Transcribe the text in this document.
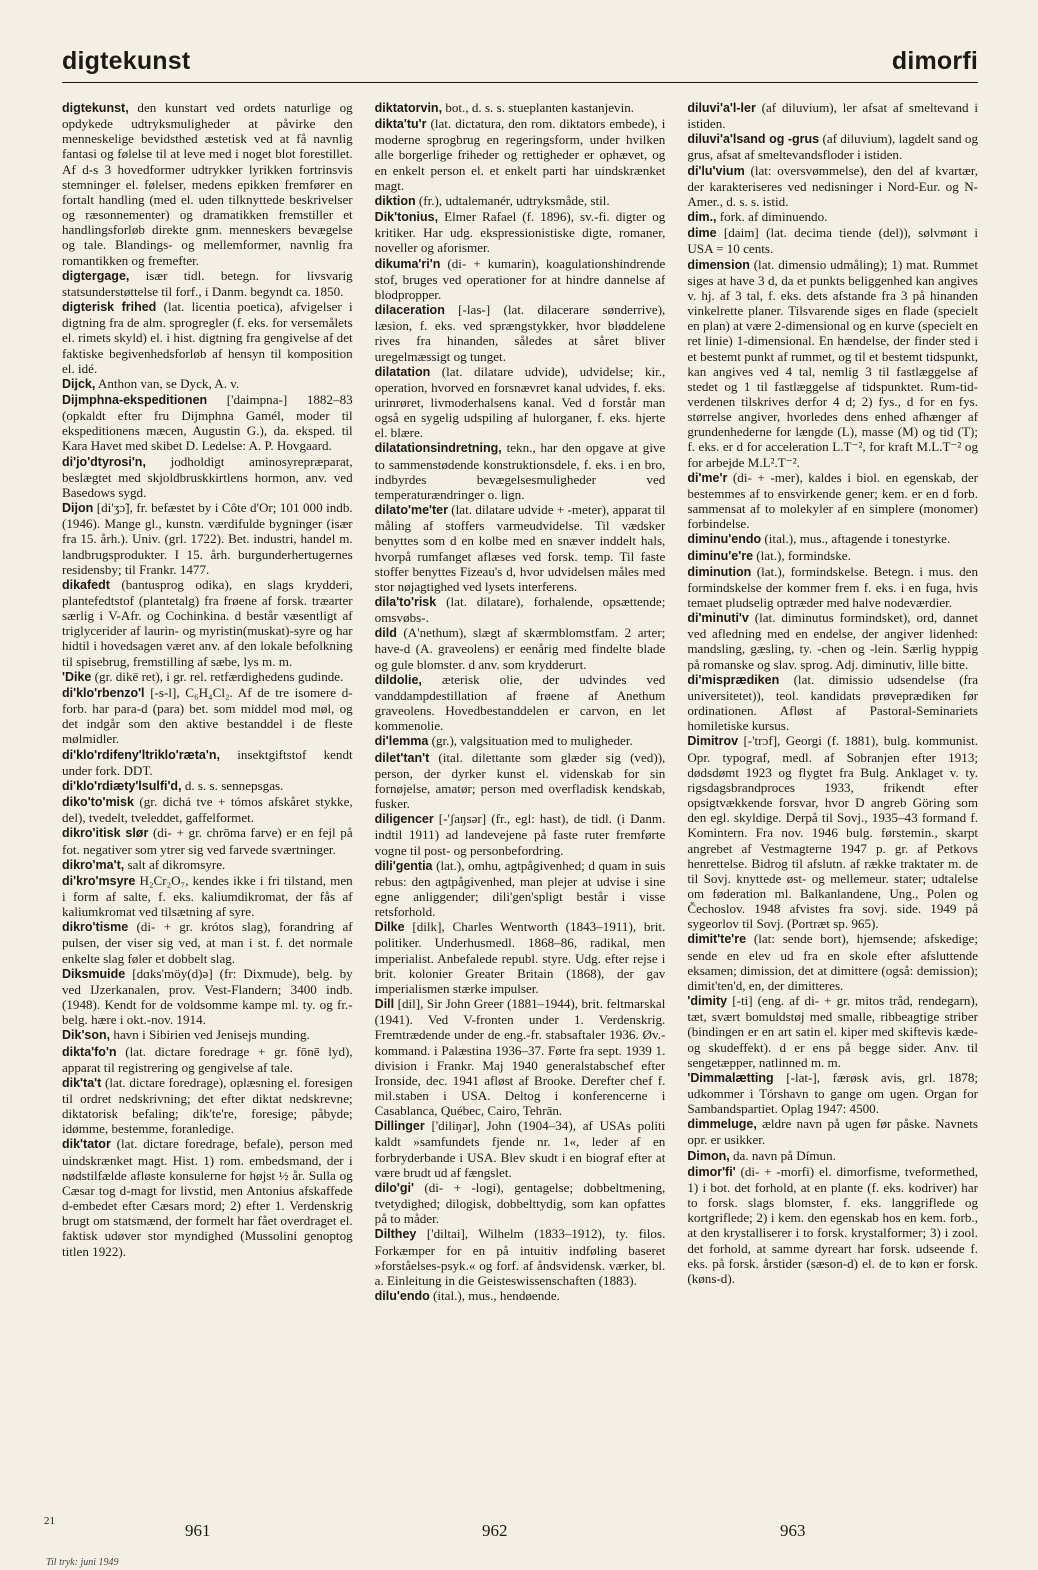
digtekunst	dimorfi

digtekunst, den kunstart ved ordets naturlige og opdykede udtryksmuligheder at påvirke den menneskelige bevidsthed æstetisk ved at få navnlig fantasi og følelse til at leve med i noget blot forestillet. Af d-s 3 hovedformer udtrykker lyrikken fortrinsvis stemninger el. følelser, medens epikken fremfører en fortalt handling (med el. uden tilknyttede beskrivelser og ræsonnementer) og dramatikken fremstiller et handlingsforløb direkte gnm. menneskers bevægelse og tale. Blandings- og mellemformer, navnlig fra romantikken og fremefter.

digtergage, især tidl. betegn. for livsvarig statsunderstøttelse til forf., i Danm. begyndt ca. 1850.

digterisk frihed (lat. licentia poetica), afvigelser i digtning fra de alm. sprogregler (f. eks. for versemålets el. rimets skyld) el. i hist. digtning fra gengivelse af det faktiske begivenhedsforløb af hensyn til komposition el. idé.

Dijck, Anthon van, se Dyck, A. v.

Dijmphna-ekspeditionen ['daimpna-] 1882–83 (opkaldt efter fru Dijmphna Gamél, moder til ekspeditionens mæcen, Augustin G.), da. eksped. til Kara Havet med skibet D. Ledelse: A. P. Hovgaard.

di'jo'dtyrosi'n, jodholdigt aminosyrepræparat, beslægtet med skjoldbruskkirtlens hormon, anv. ved Basedows sygd.

Dijon [di'ʒɔ̃], fr. befæstet by i Côte d'Or; 101 000 indb. (1946). Mange gl., kunstn. værdifulde bygninger (især fra 15. årh.). Univ. (grl. 1722). Bet. industri, handel m. landbrugsprodukter. I 15. årh. burgunderhertugernes residensby; til Frankr. 1477.

dikafedt (bantusprog odika), en slags krydderi, plantefedtstof (plantetalg) fra frøene af forsk. træarter særlig i V-Afr. og Cochinkina. d består væsentligt af triglycerider af laurin- og myristin(muskat)-syre og har hidtil i hovedsagen været anv. af den lokale befolkning til spisebrug, fremstilling af sæbe, lys m. m.

'Dike (gr. dikē ret), i gr. rel. retfærdighedens gudinde.

di'klo'rbenzo'l [-s-l], C₆H₄Cl₂. Af de tre isomere d-forb. har para-d (para) bet. som middel mod møl, og det indgår som den aktive bestanddel i de fleste mølmidler.

di'klo'rdifeny'ltriklo'ræta'n, insektgiftstof kendt under fork. DDT.

di'klo'rdiæty'lsulfi'd, d. s. s. sennepsgas.

diko'to'misk (gr. dichá tve + tómos afskåret stykke, del), tvedelt, tveleddet, gaffelformet.

dikro'itisk slør (di- + gr. chrōma farve) er en fejl på fot. negativer som ytrer sig ved farvede sværtninger.

dikro'ma't, salt af dikromsyre.

di'kro'msyre H₂Cr₂O₇, kendes ikke i fri tilstand, men i form af salte, f. eks. kaliumdikromat, der fås af kaliumkromat ved tilsætning af syre.

dikro'tisme (di- + gr. krótos slag), forandring af pulsen, der viser sig ved, at man i st. f. det normale enkelte slag føler et dobbelt slag.

Diksmuide [dɑks'möy(d)ə] (fr: Dixmude), belg. by ved IJzerkanalen, prov. Vest-Flandern; 3400 indb. (1948). Kendt for de voldsomme kampe ml. ty. og fr.-belg. hære i okt.-nov. 1914.

Dik'son, havn i Sibirien ved Jenisejs munding.

dikta'fo'n (lat. dictare foredrage + gr. fōnē lyd), apparat til registrering og gengivelse af tale.

dik'ta't (lat. dictare foredrage), oplæsning el. foresigen til ordret nedskrivning; det efter diktat nedskrevne; diktatorisk befaling; dik'te're, foresige; påbyde; idømme, bestemme, foranledige.

dik'tator (lat. dictare foredrage, befale), person med uindskrænket magt. Hist. 1) rom. embedsmand, der i nødstilfælde afløste konsulerne for højst ½ år. Sulla og Cæsar tog d-magt for livstid, men Antonius afskaffede d-embedet efter Cæsars mord; 2) efter 1. Verdenskrig brugt om statsmænd, der formelt har fået overdraget el. faktisk udøver stor myndighed (Mussolini genoptog titlen 1922).

diktatorvin, bot., d. s. s. stueplanten kastanjevin.

dikta'tu'r (lat. dictatura, den rom. diktators embede), i moderne sprogbrug en regeringsform, under hvilken alle borgerlige friheder og rettigheder er ophævet, og en enkelt person el. et enkelt parti har uindskrænket magt.

diktion (fr.), udtalemanér, udtryksmåde, stil.

Dik'tonius, Elmer Rafael (f. 1896), sv.-fi. digter og kritiker. Har udg. ekspressionistiske digte, romaner, noveller og aforismer.

dikuma'ri'n (di- + kumarin), koagulationshindrende stof, bruges ved operationer for at hindre dannelse af blodpropper.

dilaceration [-las-] (lat. dilacerare sønderrive), læsion, f. eks. ved sprængstykker, hvor bløddelene rives fra hinanden, således at såret bliver uregelmæssigt og tunget.

dilatation (lat. dilatare udvide), udvidelse; kir., operation, hvorved en forsnævret kanal udvides, f. eks. urinrøret, livmoderhalsens kanal. Ved d forstår man også en sygelig udspiling af hulorganer, f. eks. hjerte el. blære.

dilatationsindretning, tekn., har den opgave at give to sammenstødende konstruktionsdele, f. eks. i en bro, indbyrdes bevægelsesmuligheder ved temperaturændringer o. lign.

dilato'me'ter (lat. dilatare udvide + -meter), apparat til måling af stoffers varmeudvidelse. Til vædsker benyttes som d en kolbe med en snæver inddelt hals, hvorpå rumfanget aflæses ved forsk. temp. Til faste stoffer benyttes Fizeau's d, hvor udvidelsen måles med stor nøjagtighed ved lysets interferens.

dila'to'risk (lat. dilatare), forhalende, opsættende; omsvøbs-.

dild (A'nethum), slægt af skærmblomstfam. 2 arter; have-d (A. graveolens) er eenårig med findelte blade og gule blomster. d anv. som krydderurt.

dildolie, æterisk olie, der udvindes ved vanddampdestillation af frøene af Anethum graveolens. Hovedbestanddelen er carvon, en let kommenolie.

di'lemma (gr.), valgsituation med to muligheder.

dilet'tan't (ital. dilettante som glæder sig (ved)), person, der dyrker kunst el. videnskab for sin fornøjelse, amatør; person med overfladisk kendskab, fusker.

diligencer [-'ʃaŋsər] (fr., egl: hast), de tidl. (i Danm. indtil 1911) ad landevejene på faste ruter fremførte vogne til post- og personbefordring.

dili'gentia (lat.), omhu, agtpågivenhed; d quam in suis rebus: den agtpågivenhed, man plejer at udvise i sine egne anliggender; dili'gen'spligt består i visse retsforhold.

Dilke [dilk], Charles Wentworth (1843–1911), brit. politiker. Underhusmedl. 1868–86, radikal, men imperialist. Anbefalede republ. styre. Udg. efter rejse i brit. kolonier Greater Britain (1868), der gav imperialismen stærke impulser.

Dill [dil], Sir John Greer (1881–1944), brit. feltmarskal (1941). Ved V-fronten under 1. Verdenskrig. Fremtrædende under de eng.-fr. stabsaftaler 1936. Øv.-kommand. i Palæstina 1936–37. Førte fra sept. 1939 1. division i Frankr. Maj 1940 generalstabschef efter Ironside, dec. 1941 afløst af Brooke. Derefter chef f. mil.staben i USA. Deltog i konferencerne i Casablanca, Québec, Cairo, Tehrān.

Dillinger ['diliŋər], John (1904–34), af USAs politi kaldt »samfundets fjende nr. 1«, leder af en forbryderbande i USA. Blev skudt i en biograf efter at være brudt ud af fængslet.

dilo'gi' (di- + -logi), gentagelse; dobbeltmening, tvetydighed; dilogisk, dobbelttydig, som kan opfattes på to måder.

Dilthey ['diltai], Wilhelm (1833–1912), ty. filos. Forkæmper for en på intuitiv indføling baseret »forståelses-psyk.« og forf. af åndsvidensk. værker, bl. a. Einleitung in die Geisteswissenschaften (1883).

dilu'endo (ital.), mus., hendøende.

diluvi'a'l-ler (af diluvium), ler afsat af smeltevand i istiden.

diluvi'a'lsand og -grus (af diluvium), lagdelt sand og grus, afsat af smeltevandsfloder i istiden.

di'lu'vium (lat: oversvømmelse), den del af kvartær, der karakteriseres ved nedisninger i Nord-Eur. og N-Amer., d. s. s. istid.

dim., fork. af diminuendo.

dime [daim] (lat. decima tiende (del)), sølvmønt i USA = 10 cents.

dimension (lat. dimensio udmåling); 1) mat. Rummet siges at have 3 d, da et punkts beliggenhed kan angives v. hj. af 3 tal, f. eks. dets afstande fra 3 på hinanden vinkelrette planer. Tilsvarende siges en flade (specielt en plan) at være 2-dimensional og en kurve (specielt en ret linie) 1-dimensional. En hændelse, der finder sted i et bestemt punkt af rummet, og til et bestemt tidspunkt, kan angives ved 4 tal, nemlig 3 til fastlæggelse af stedet og 1 til fastlæggelse af tidspunktet. Rum-tid-verdenen tilskrives derfor 4 d; 2) fys., d for en fys. størrelse angiver, hvorledes dens enhed afhænger af grundenhederne for længde (L), masse (M) og tid (T); f. eks. er d for acceleration L.T⁻², for kraft M.L.T⁻² og for arbejde M.L².T⁻².

di'me'r (di- + -mer), kaldes i biol. en egenskab, der bestemmes af to ensvirkende gener; kem. er en d forb. sammensat af to molekyler af en simplere (monomer) forbindelse.

diminu'endo (ital.), mus., aftagende i tonestyrke.

diminu'e're (lat.), formindske.

diminution (lat.), formindskelse. Betegn. i mus. den formindskelse der kommer frem f. eks. i en fuga, hvis temaet pludselig optræder med halve nodeværdier.

di'minuti'v (lat. diminutus formindsket), ord, dannet ved afledning med en endelse, der angiver lidenhed: mandsling, gæsling, ty. -chen og -lein. Særlig hyppig på romanske og slav. sprog. Adj. diminutiv, lille bitte.

di'misprædiken (lat. dimissio udsendelse (fra universitetet)), teol. kandidats prøveprædiken før ordinationen. Afløst af Pastoral-Seminariets homiletiske kursus.

Dimitrov [-'trɔf], Georgi (f. 1881), bulg. kommunist. Opr. typograf, medl. af Sobranjen efter 1913; dødsdømt 1923 og flygtet fra Bulg. Anklaget v. ty. rigsdagsbrandproces 1933, frikendt efter opsigtvækkende forsvar, hvor D angreb Göring som den egl. skyldige. Derpå til Sovj., 1935–43 formand f. Komintern. Fra nov. 1946 bulg. førstemin., skarpt angrebet af Vestmagterne 1947 p. gr. af Petkovs henrettelse. Bidrog til afslutn. af række traktater m. de til Sovj. knyttede øst- og mellemeur. stater; udtalelse om føderation ml. Balkanlandene, Ung., Polen og Čechoslov. 1948 afvistes fra sovj. side. 1949 på sygeorlov til Sovj. (Portræt sp. 965).

dimit'te're (lat: sende bort), hjemsende; afskedige; sende en elev ud fra en skole efter afsluttende eksamen; dimission, det at dimittere (også: demission); dimit'ten'd, en, der dimitteres.

'dimity [-ti] (eng. af di- + gr. mitos tråd, rendegarn), tæt, svært bomuldstøj med smalle, ribbeagtige striber (bindingen er en art satin el. kiper med skiftevis kæde- og skudeffekt). d er ens på begge sider. Anv. til sengetæpper, natlinned m. m.

'Dimmalætting [-lat-], færøsk avis, grl. 1878; udkommer i Tórshavn to gange om ugen. Organ for Sambandspartiet. Oplag 1947: 4500.

dimmeluge, ældre navn på ugen før påske. Navnets opr. er usikker.

Dimon, da. navn på Dímun.

dimor'fi' (di- + -morfi) el. dimorfisme, tveformethed, 1) i bot. det forhold, at en plante (f. eks. kodriver) har to forsk. slags blomster, f. eks. langgriflede og kortgriflede; 2) i kem. den egenskab hos en kem. forb., at den krystalliserer i to forsk. krystalformer; 3) i zool. det forhold, at samme dyreart har forsk. udseende f. eks. på forsk. årstider (sæson-d) el. de to køn er forsk. (køns-d).

21	961	962	963
Til tryk: juni 1949
